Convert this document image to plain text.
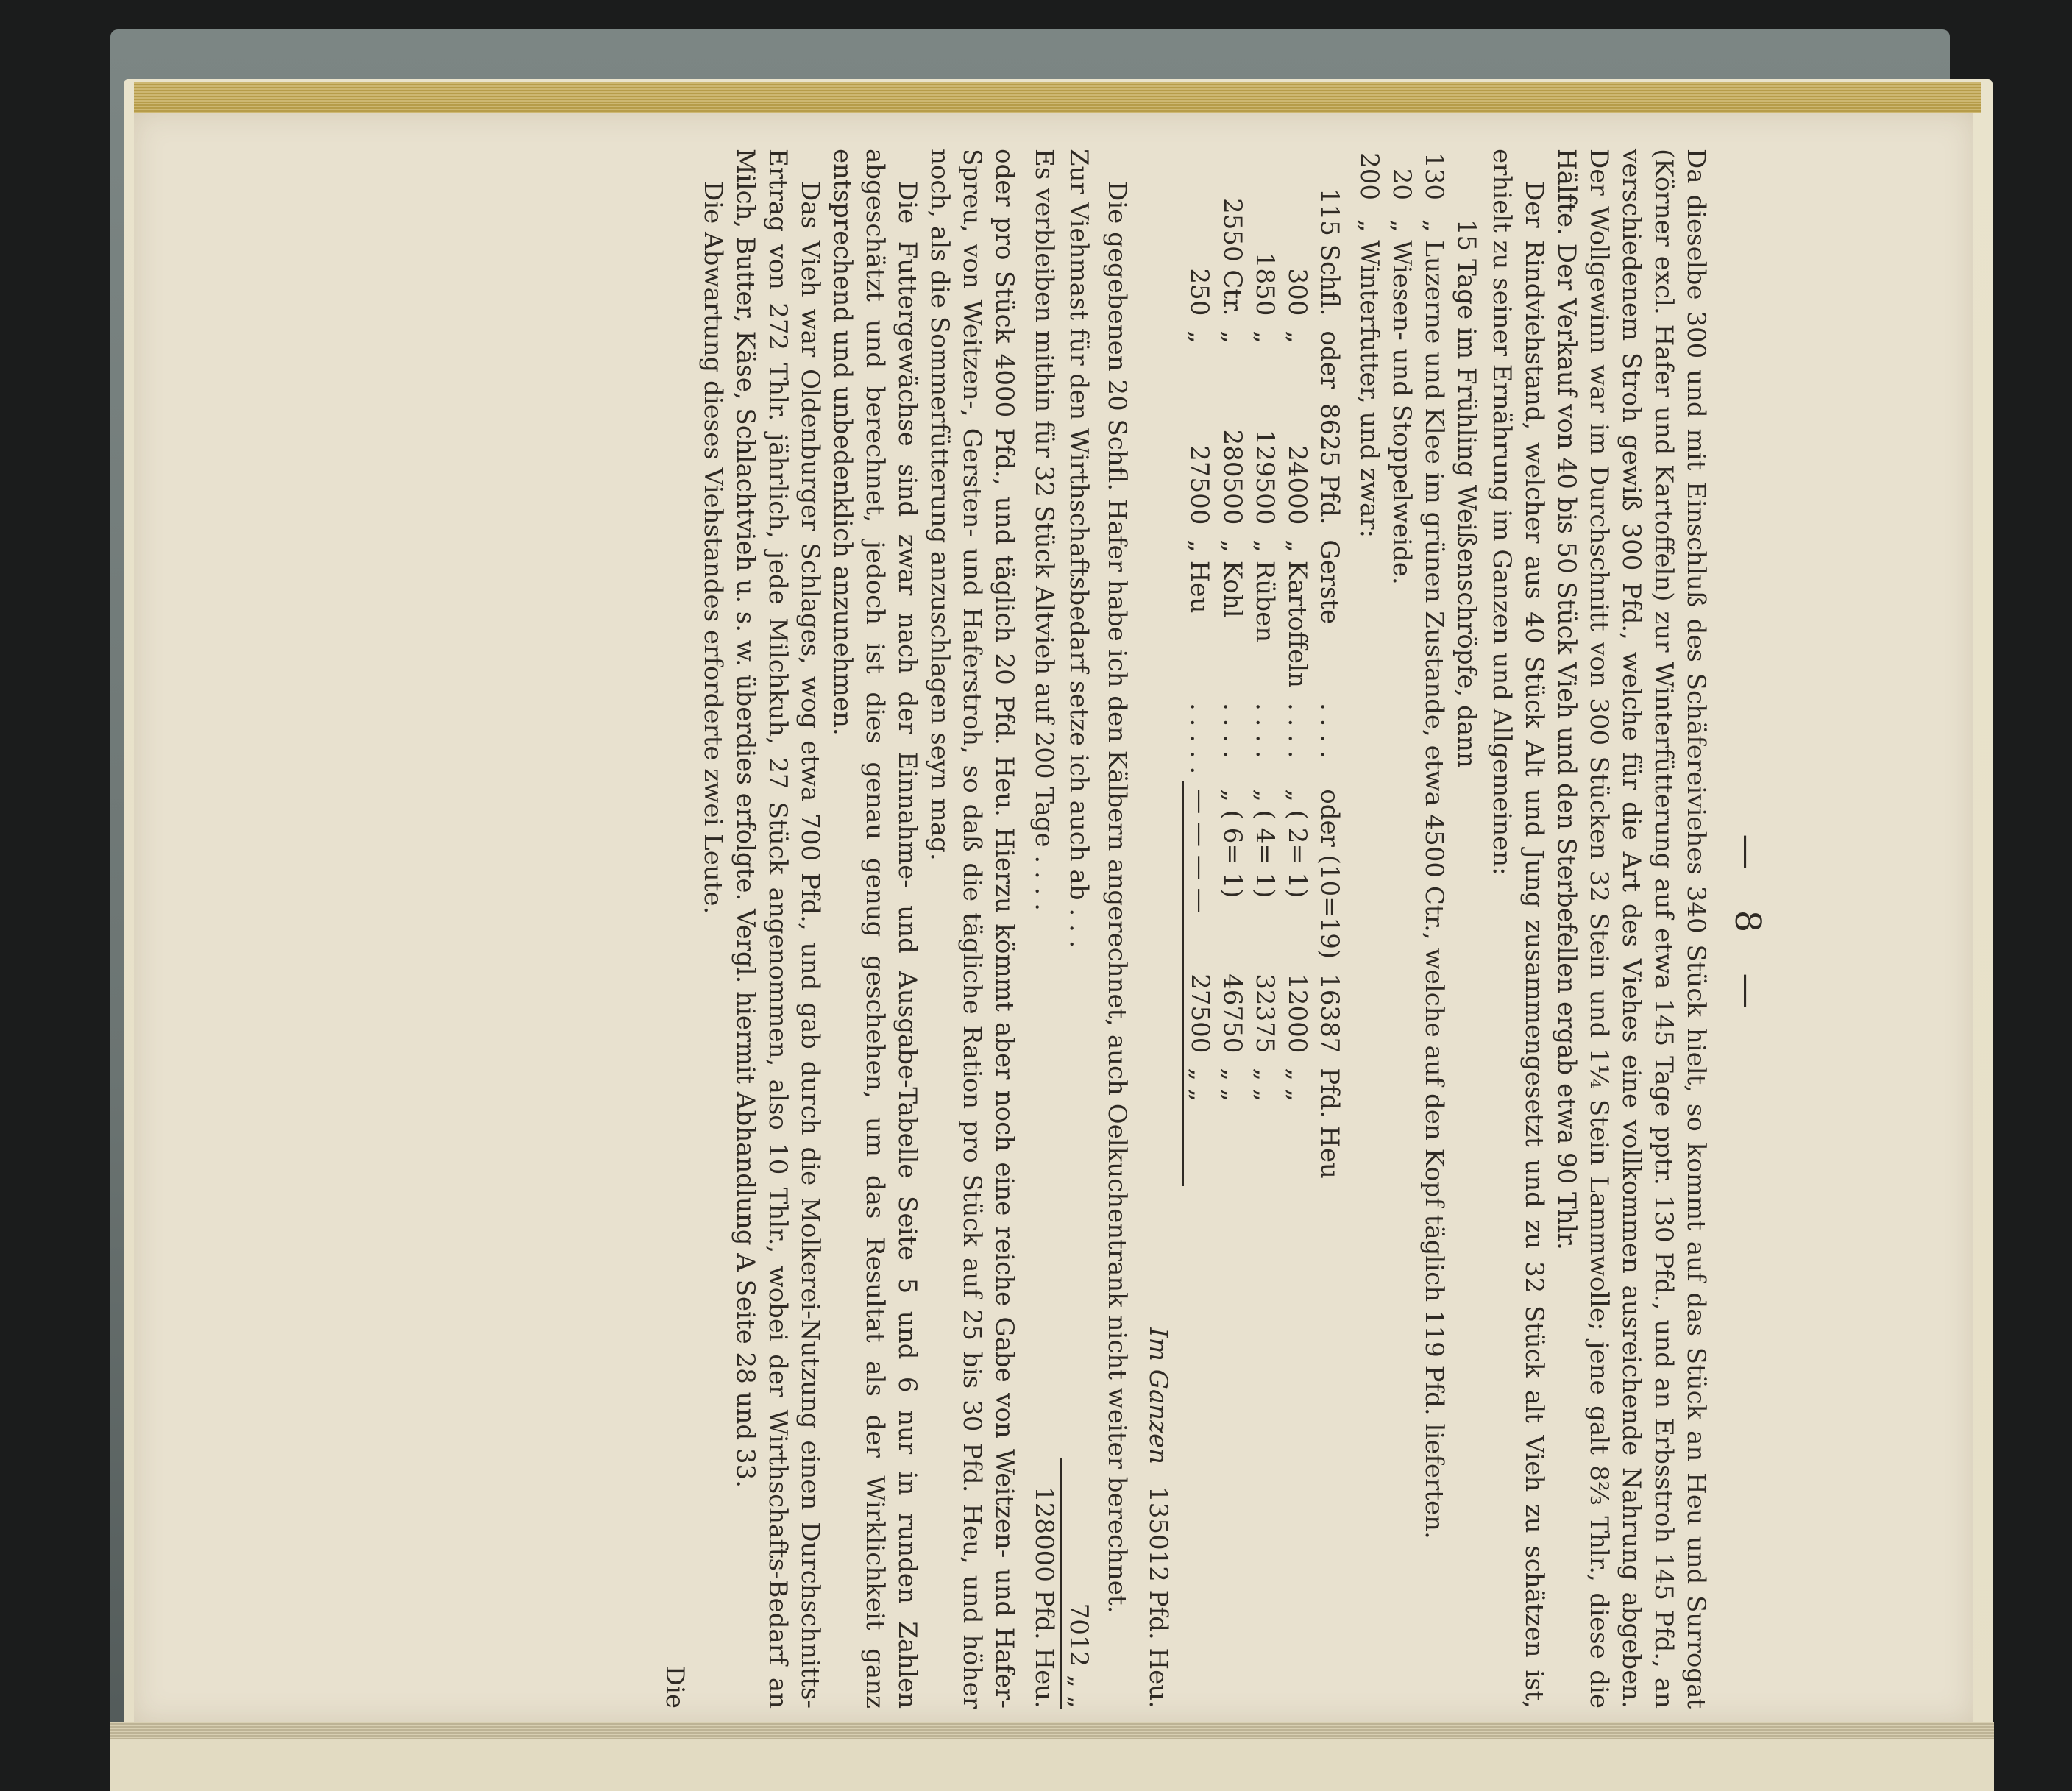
— 8 —

Da dieselbe 300 und mit Einschluß des Schäfereiviehes 340 Stück hielt, so kommt auf das Stück an Heu und Surrogat (Körner excl. Hafer und Kartoffeln) zur Winterfütterung auf etwa 145 Tage pptr. 130 Pfd., und an Erbsstroh 145 Pfd., an verschiedenem Stroh gewiß 300 Pfd., welche für die Art des Viehes eine vollkommen ausreichende Nahrung abgeben. Der Wollgewinn war im Durchschnitt von 300 Stücken 32 Stein und 1¼ Stein Lammwolle; jene galt 8⅔ Thlr., diese die Hälfte. Der Verkauf von 40 bis 50 Stück Vieh und den Sterbefellen ergab etwa 90 Thlr.

Der Rindviehstand, welcher aus 40 Stück Alt und Jung zusammengesetzt und zu 32 Stück alt Vieh zu schätzen ist, erhielt zu seiner Ernährung im Ganzen und Allgemeinen:

15 Tage im Frühling Weißenschröpfe, dann
130
„ Luzerne und Klee im grünen Zustande, etwa 4500 Ctr., welche auf den Kopf täglich 119 Pfd. lieferten.
20
„ Wiesen- und Stoppelweide.
200
„ Winterfutter, und zwar:
115 Schfl.	oder	8625 Pfd.	Gerste	. . . .	oder (10=19)	16387	Pfd. Heu
300	„	24000	„ Kartoffeln	. . . .	„ ( 2= 1)	12000	„ „
1850	„	129500	„ Rüben	. . . .	„ ( 4= 1)	32375	„ „
2550 Ctr.	„	280500	„ Kohl	. . . .	„ ( 6= 1)	46750	„ „
250	„	27500	„ Heu	. . . . .	— — — —	27500	„ „
Im Ganzen
135012 Pfd. Heu.

Die gegebenen 20 Schfl. Hafer habe ich den Kälbern angerechnet, auch Oelkuchentrank nicht weiter berechnet.

Zur Viehmast für den Wirthschaftsbedarf setze ich auch ab . . .
7012 „ „
Es verbleiben mithin für 32 Stück Altvieh auf 200 Tage . . . .
128000 Pfd. Heu.

oder pro Stück 4000 Pfd., und täglich 20 Pfd. Heu. Hierzu kömmt aber noch eine reiche Gabe von Weitzen- und Hafer-Spreu, von Weitzen-, Gersten- und Haferstroh, so daß die tägliche Ration pro Stück auf 25 bis 30 Pfd. Heu, und höher noch, als die Sommerfütterung anzuschlagen seyn mag.

Die Futtergewächse sind zwar nach der Einnahme- und Ausgabe-Tabelle Seite 5 und 6 nur in runden Zahlen abgeschätzt und berechnet, jedoch ist dies genau genug geschehen, um das Resultat als der Wirklichkeit ganz entsprechend und unbedenklich anzunehmen.

Das Vieh war Oldenburger Schlages, wog etwa 700 Pfd., und gab durch die Molkerei-Nutzung einen Durchschnitts-Ertrag von 272 Thlr. jährlich, jede Milchkuh, 27 Stück angenommen, also 10 Thlr., wobei der Wirthschafts-Bedarf an Milch, Butter, Käse, Schlachtvieh u. s. w. überdies erfolgte. Vergl. hiermit Abhandlung A Seite 28 und 33.

Die Abwartung dieses Viehstandes erforderte zwei Leute.

Die
